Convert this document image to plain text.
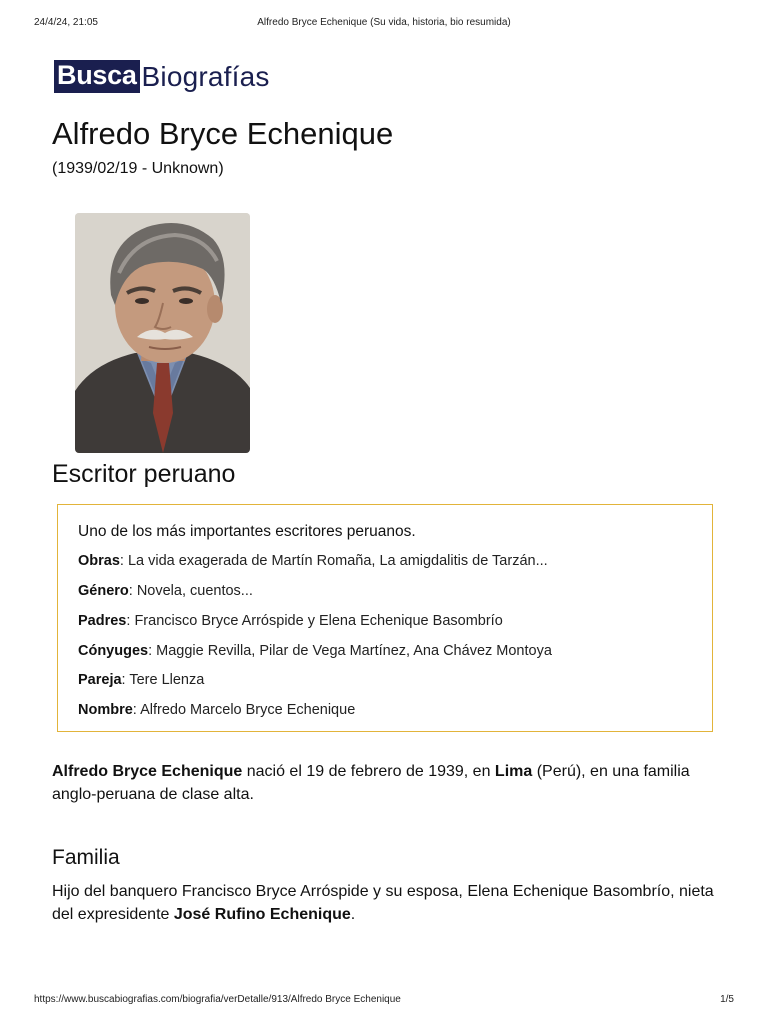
24/4/24, 21:05	Alfredo Bryce Echenique (Su vida, historia, bio resumida)
Busca Biografías
Alfredo Bryce Echenique
(1939/02/19 - Unknown)
Escritor peruano
Uno de los más importantes escritores peruanos.
Obras: La vida exagerada de Martín Romaña, La amigdalitis de Tarzán...
Género: Novela, cuentos...
Padres: Francisco Bryce Arróspide y Elena Echenique Basombrío
Cónyuges: Maggie Revilla, Pilar de Vega Martínez, Ana Chávez Montoya
Pareja: Tere Llenza
Nombre: Alfredo Marcelo Bryce Echenique

Alfredo Bryce Echenique nació el 19 de febrero de 1939, en Lima (Perú), en una familia anglo-peruana de clase alta.

Familia

Hijo del banquero Francisco Bryce Arróspide y su esposa, Elena Echenique Basombrío, nieta del expresidente José Rufino Echenique.

https://www.buscabiografias.com/biografia/verDetalle/913/Alfredo Bryce Echenique	1/5
